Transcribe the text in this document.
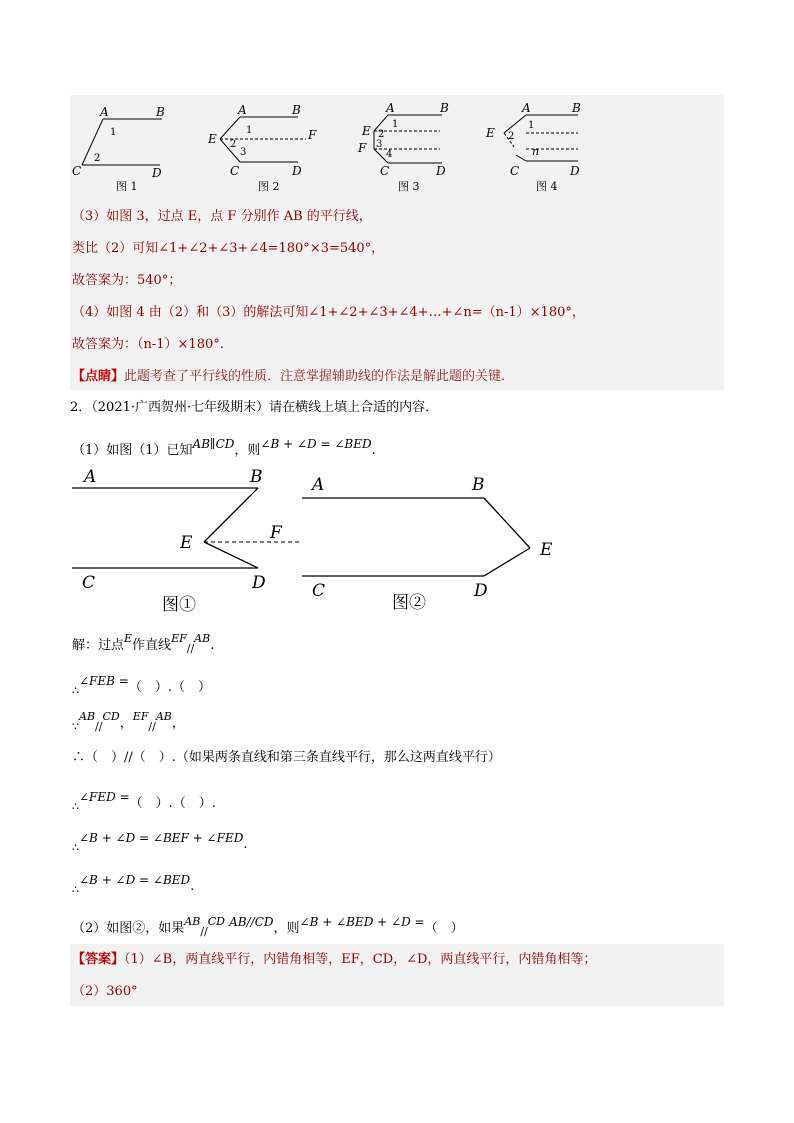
A	B
C	D
1
2
图 1
A	B
E	F
C	D
1
2
3
图 2
A	B
E
F
C	D
1
2
3
4
图 3
A	B
E
C	D
1
2
n
图 4
（3）如图 3，过点 E，点 F 分别作 AB 的平行线，
类比（2）可知∠1+∠2+∠3+∠4=180°×3=540°，
故答案为：540°；
（4）如图 4 由（2）和（3）的解法可知∠1+∠2+∠3+∠4+…+∠n=（n-1）×180°，
故答案为：（n-1）×180°.
【点睛】此题考查了平行线的性质．注意掌握辅助线的作法是解此题的关键．
2．（2021·广西贺州·七年级期末）请在横线上填上合适的内容．
（1）如图（1）已知AB∥CD，则∠B + ∠D = ∠BED.
A	B
E	F
C	D
图①
A	B
E
C	D
图②
解：过点$^E$作直线$^{EF}_{//}^{AB}$.
$_\therefore$∠FEB =（　）.（　）
$_\because^{AB}_{//}^{CD}$，$^{EF}_{//}^{AB}$，
∴（　）//（　）.（如果两条直线和第三条直线平行，那么这两直线平行）
$_\therefore$∠FED =（　）.（　）.
$_\therefore$∠B + ∠D = ∠BEF + ∠FED.
$_\therefore$∠B + ∠D = ∠BED.
（2）如图②，如果$^{AB}_{//}^{CD}$ AB//CD，则∠B + ∠BED + ∠D =（　）
【答案】（1）∠B，两直线平行，内错角相等，EF，CD，∠D，两直线平行，内错角相等；
（2）360°
